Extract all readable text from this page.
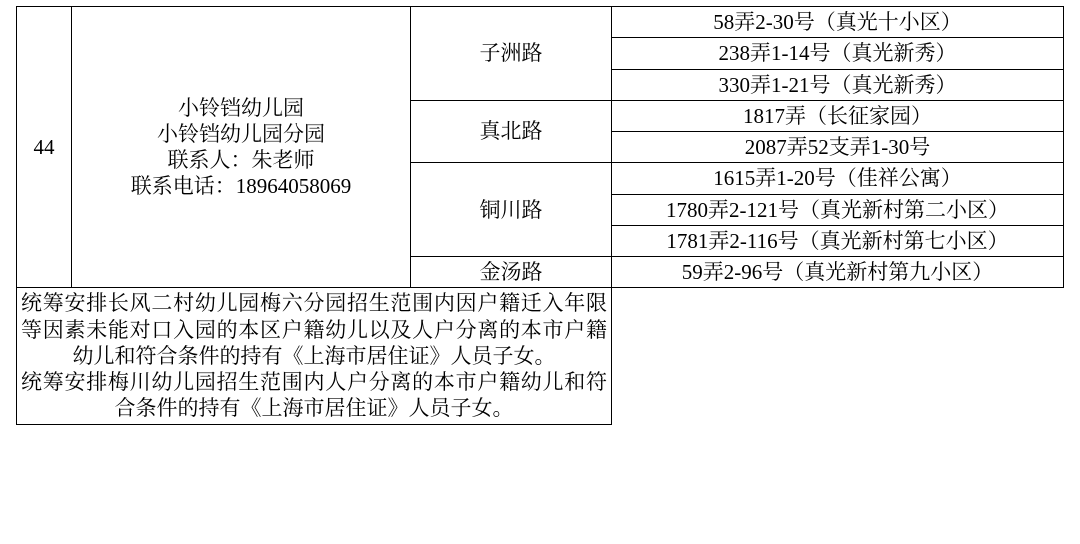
44	小铃铛幼儿园
小铃铛幼儿园分园
联系人：朱老师
联系电话：18964058069	子洲路	58弄2-30号（真光十小区）
			238弄1-14号（真光新秀）
			330弄1-21号（真光新秀）
		真北路	1817弄（长征家园）
			2087弄52支弄1-30号
		铜川路	1615弄1-20号（佳祥公寓）
			1780弄2-121号（真光新村第二小区）
			1781弄2-116号（真光新村第七小区）
		金汤路	59弄2-96号（真光新村第九小区）

统筹安排长风二村幼儿园梅六分园招生范围内因户籍迁入年限等因素未能对口入园的本区户籍幼儿以及人户分离的本市户籍幼儿和符合条件的持有《上海市居住证》人员子女。

统筹安排梅川幼儿园招生范围内人户分离的本市户籍幼儿和符合条件的持有《上海市居住证》人员子女。			
